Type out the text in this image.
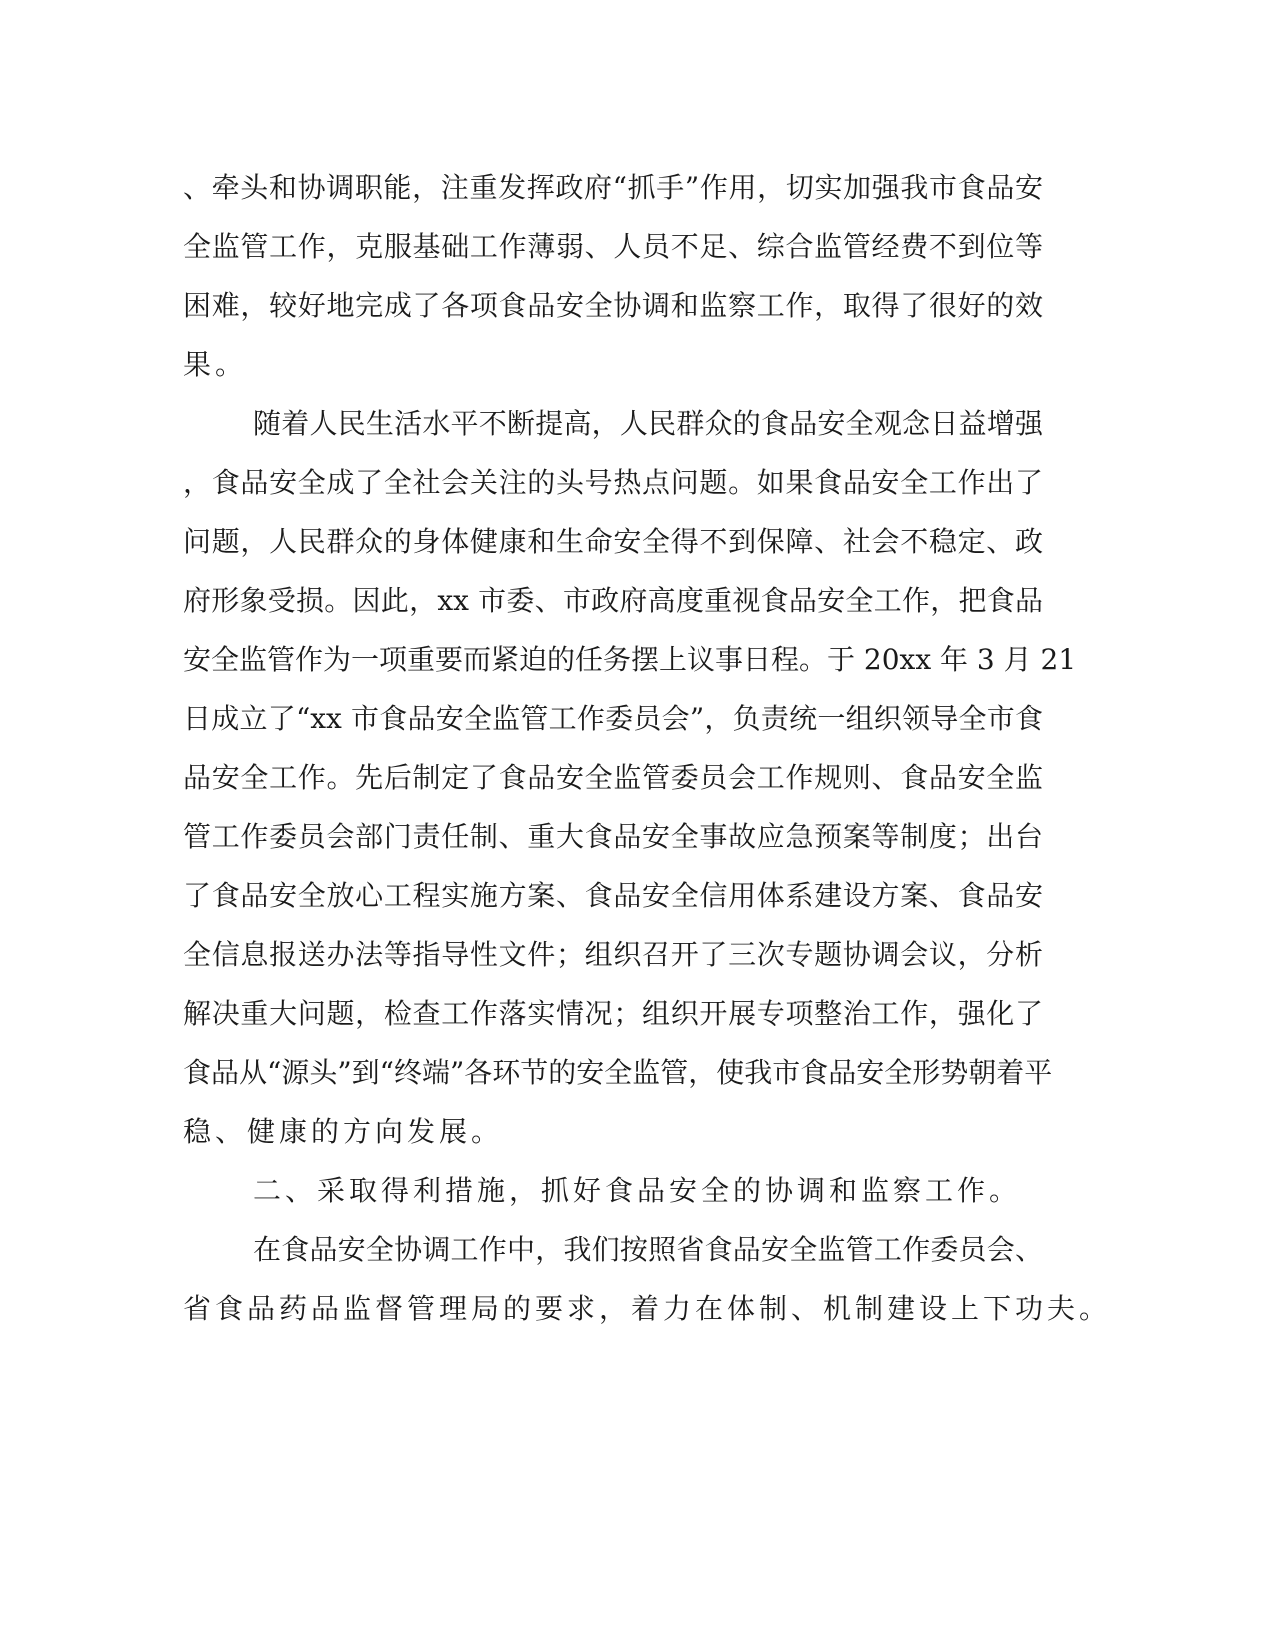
、牵头和协调职能，注重发挥政府“抓手”作用，切实加强我市食品安
全监管工作，克服基础工作薄弱、人员不足、综合监管经费不到位等
困难，较好地完成了各项食品安全协调和监察工作，取得了很好的效
果。
随着人民生活水平不断提高，人民群众的食品安全观念日益增强
，食品安全成了全社会关注的头号热点问题。如果食品安全工作出了
问题，人民群众的身体健康和生命安全得不到保障、社会不稳定、政
府形象受损。因此，xx 市委、市政府高度重视食品安全工作，把食品
安全监管作为一项重要而紧迫的任务摆上议事日程。于 20xx 年 3 月 21
日成立了“xx 市食品安全监管工作委员会”，负责统一组织领导全市食
品安全工作。先后制定了食品安全监管委员会工作规则、食品安全监
管工作委员会部门责任制、重大食品安全事故应急预案等制度；出台
了食品安全放心工程实施方案、食品安全信用体系建设方案、食品安
全信息报送办法等指导性文件；组织召开了三次专题协调会议，分析
解决重大问题，检查工作落实情况；组织开展专项整治工作，强化了
食品从“源头”到“终端”各环节的安全监管，使我市食品安全形势朝着平
稳、健康的方向发展。
二、采取得利措施，抓好食品安全的协调和监察工作。
在食品安全协调工作中，我们按照省食品安全监管工作委员会、
省食品药品监督管理局的要求，着力在体制、机制建设上下功夫。
